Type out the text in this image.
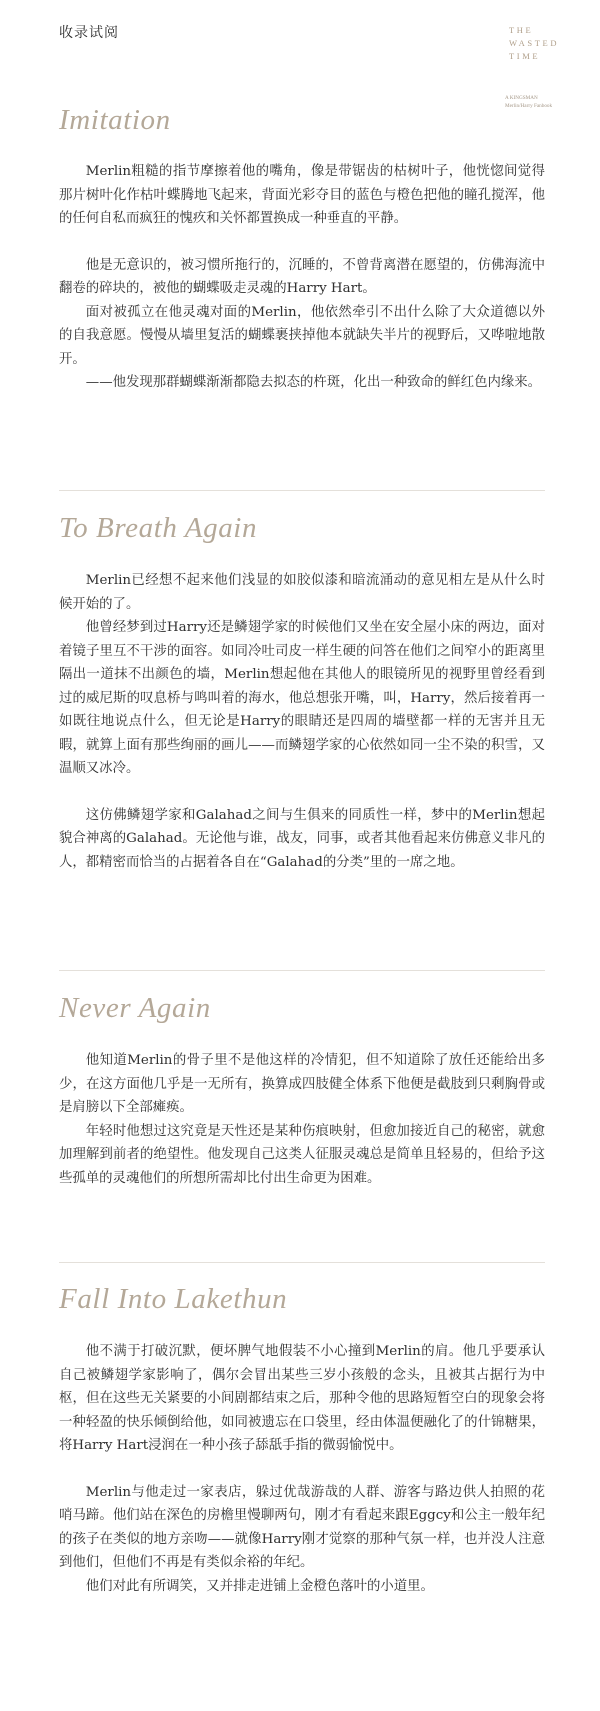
收录试阅	THE
WASTED
TIME
A KINGSMAN
Merlin/Harry Fanbook
Imitation

Merlin粗糙的指节摩擦着他的嘴角，像是带锯齿的枯树叶子，他恍惚间觉得那片树叶化作枯叶蝶腾地飞起来，背面光彩夺目的蓝色与橙色把他的瞳孔搅浑，他的任何自私而疯狂的愧疚和关怀都置换成一种垂直的平静。

他是无意识的，被习惯所拖行的，沉睡的，不曾背离潜在愿望的，仿佛海流中翻卷的碎块的，被他的蝴蝶吸走灵魂的Harry Hart。

面对被孤立在他灵魂对面的Merlin，他依然牵引不出什么除了大众道德以外的自我意愿。慢慢从墙里复活的蝴蝶裹挟掉他本就缺失半片的视野后，又哗啦地散开。

——他发现那群蝴蝶渐渐都隐去拟态的杵斑，化出一种致命的鲜红色内缘来。

To Breath Again

Merlin已经想不起来他们浅显的如胶似漆和暗流涌动的意见相左是从什么时候开始的了。

他曾经梦到过Harry还是鳞翅学家的时候他们又坐在安全屋小床的两边，面对着镜子里互不干涉的面容。如同冷吐司皮一样生硬的问答在他们之间窄小的距离里隔出一道抹不出颜色的墙，Merlin想起他在其他人的眼镜所见的视野里曾经看到过的威尼斯的叹息桥与鸣叫着的海水，他总想张开嘴，叫，Harry，然后接着再一如既往地说点什么，但无论是Harry的眼睛还是四周的墙壁都一样的无害并且无暇，就算上面有那些绚丽的画儿——而鳞翅学家的心依然如同一尘不染的积雪，又温顺又冰冷。

这仿佛鳞翅学家和Galahad之间与生俱来的同质性一样，梦中的Merlin想起貌合神离的Galahad。无论他与谁，战友，同事，或者其他看起来仿佛意义非凡的人，都精密而恰当的占据着各自在“Galahad的分类”里的一席之地。

Never Again

他知道Merlin的骨子里不是他这样的冷情犯，但不知道除了放任还能给出多少，在这方面他几乎是一无所有，换算成四肢健全体系下他便是截肢到只剩胸骨或是肩膀以下全部瘫痪。

年轻时他想过这究竟是天性还是某种伤痕映射，但愈加接近自己的秘密，就愈加理解到前者的绝望性。他发现自己这类人征服灵魂总是简单且轻易的，但给予这些孤单的灵魂他们的所想所需却比付出生命更为困难。

Fall Into Lakethun

他不满于打破沉默，便坏脾气地假装不小心撞到Merlin的肩。他几乎要承认自己被鳞翅学家影响了，偶尔会冒出某些三岁小孩般的念头，且被其占据行为中枢，但在这些无关紧要的小间剧都结束之后，那种令他的思路短暂空白的现象会将一种轻盈的快乐倾倒给他，如同被遗忘在口袋里，经由体温便融化了的什锦糖果，将Harry Hart浸润在一种小孩子舔舐手指的微弱愉悦中。

Merlin与他走过一家表店，躲过优哉游哉的人群、游客与路边供人拍照的花哨马蹄。他们站在深色的房檐里慢聊两句，刚才有看起来跟Eggcy和公主一般年纪的孩子在类似的地方亲吻——就像Harry刚才觉察的那种气氛一样，也并没人注意到他们，但他们不再是有类似余裕的年纪。

他们对此有所调笑，又并排走进铺上金橙色落叶的小道里。
